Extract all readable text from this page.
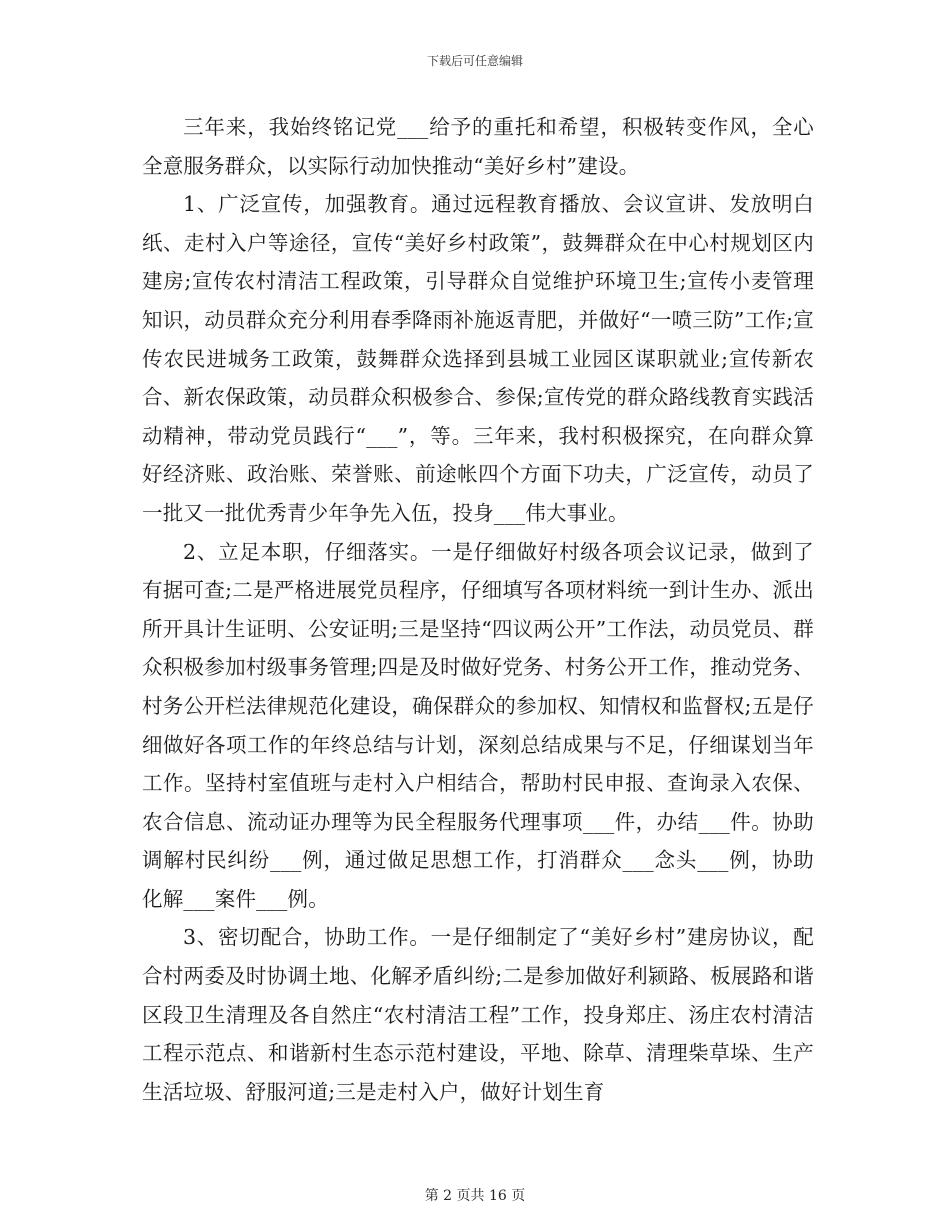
下载后可任意编辑

三年来，我始终铭记党___给予的重托和希望，积极转变作风，全心全意服务群众，以实际行动加快推动“美好乡村”建设。

1、广泛宣传，加强教育。通过远程教育播放、会议宣讲、发放明白纸、走村入户等途径，宣传“美好乡村政策”，鼓舞群众在中心村规划区内建房;宣传农村清洁工程政策，引导群众自觉维护环境卫生;宣传小麦管理知识，动员群众充分利用春季降雨补施返青肥，并做好“一喷三防”工作;宣传农民进城务工政策，鼓舞群众选择到县城工业园区谋职就业;宣传新农合、新农保政策，动员群众积极参合、参保;宣传党的群众路线教育实践活动精神，带动党员践行“___”，等。三年来，我村积极探究，在向群众算好经济账、政治账、荣誉账、前途帐四个方面下功夫，广泛宣传，动员了一批又一批优秀青少年争先入伍，投身___伟大事业。

2、立足本职，仔细落实。一是仔细做好村级各项会议记录，做到了有据可查;二是严格进展党员程序，仔细填写各项材料统一到计生办、派出所开具计生证明、公安证明;三是坚持“四议两公开”工作法，动员党员、群众积极参加村级事务管理;四是及时做好党务、村务公开工作，推动党务、村务公开栏法律规范化建设，确保群众的参加权、知情权和监督权;五是仔细做好各项工作的年终总结与计划，深刻总结成果与不足，仔细谋划当年工作。坚持村室值班与走村入户相结合，帮助村民申报、查询录入农保、农合信息、流动证办理等为民全程服务代理事项___件，办结___件。协助调解村民纠纷___例，通过做足思想工作，打消群众___念头___例，协助化解___案件___例。

3、密切配合，协助工作。一是仔细制定了“美好乡村”建房协议，配合村两委及时协调土地、化解矛盾纠纷;二是参加做好利颍路、板展路和谐区段卫生清理及各自然庄“农村清洁工程”工作，投身郑庄、汤庄农村清洁工程示范点、和谐新村生态示范村建设，平地、除草、清理柴草垛、生产生活垃圾、舒服河道;三是走村入户，做好计划生育

第 2 页共 16 页
